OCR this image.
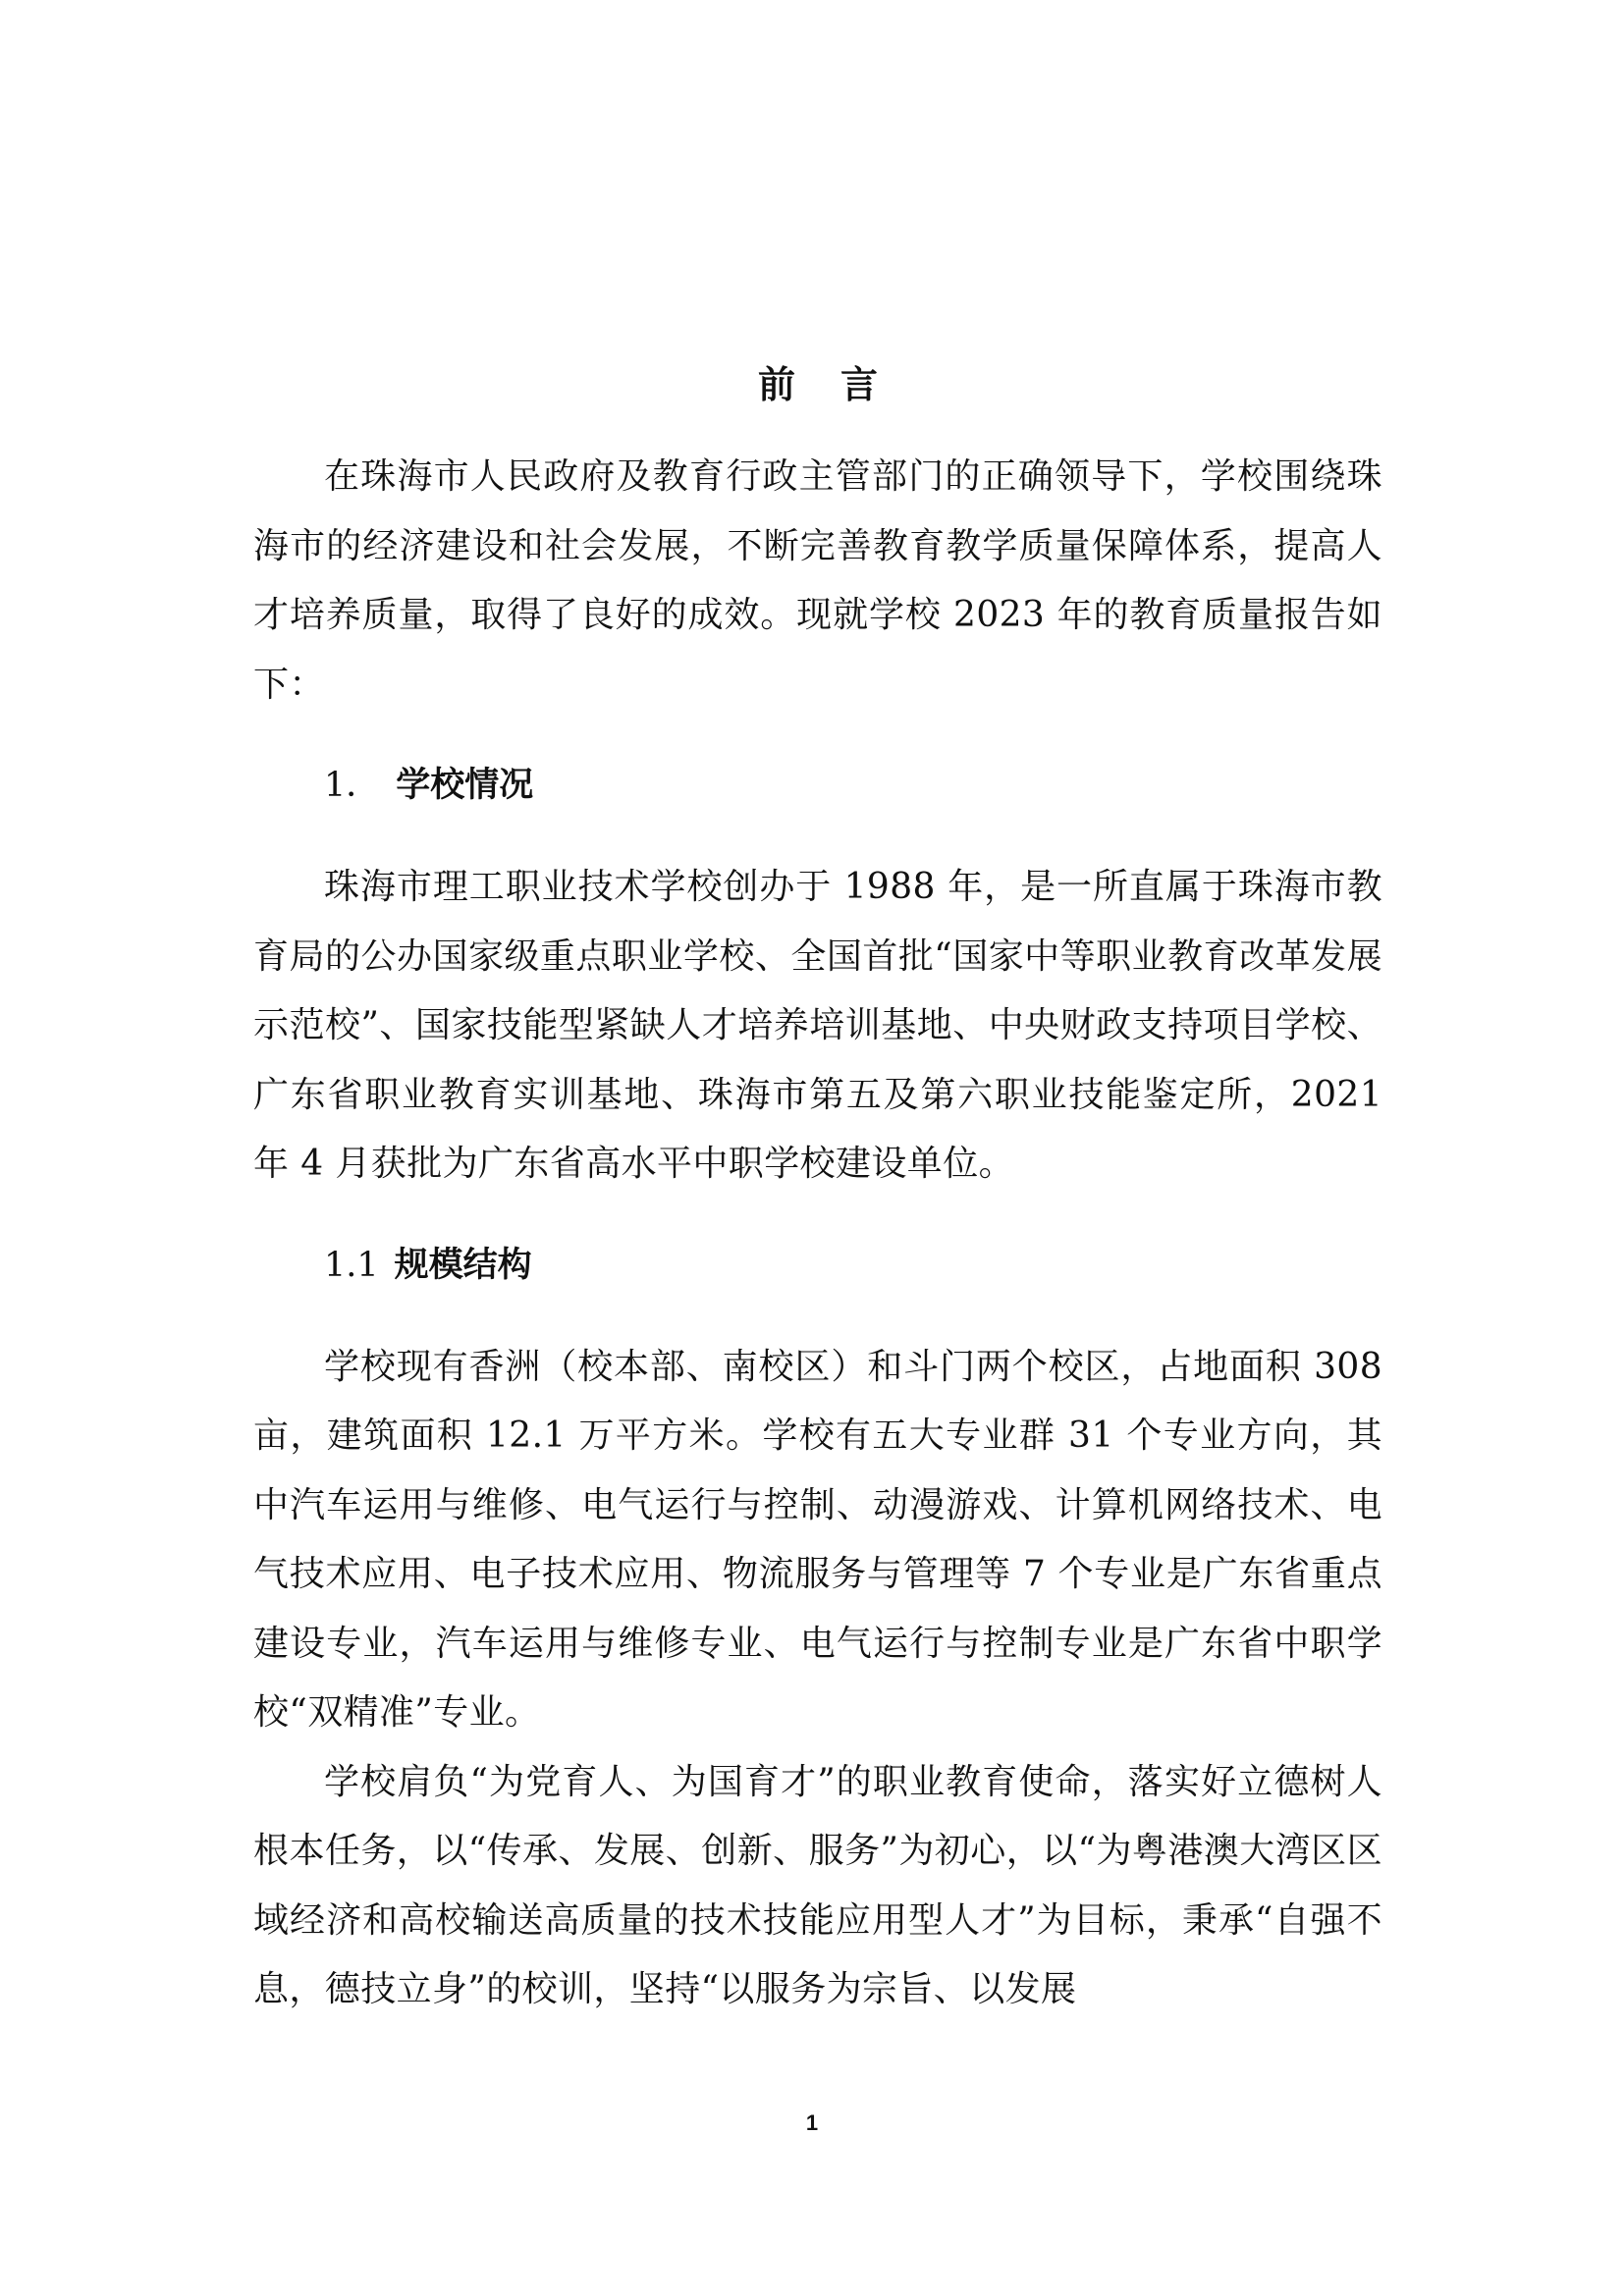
前言

在珠海市人民政府及教育行政主管部门的正确领导下，学校围绕珠海市的经济建设和社会发展，不断完善教育教学质量保障体系，提高人才培养质量，取得了良好的成效。现就学校 2023 年的教育质量报告如下：

1． 学校情况

珠海市理工职业技术学校创办于 1988 年，是一所直属于珠海市教育局的公办国家级重点职业学校、全国首批“国家中等职业教育改革发展示范校”、国家技能型紧缺人才培养培训基地、中央财政支持项目学校、广东省职业教育实训基地、珠海市第五及第六职业技能鉴定所，2021 年 4 月获批为广东省高水平中职学校建设单位。

1.1 规模结构

学校现有香洲（校本部、南校区）和斗门两个校区，占地面积 308 亩，建筑面积 12.1 万平方米。学校有五大专业群 31 个专业方向，其中汽车运用与维修、电气运行与控制、动漫游戏、计算机网络技术、电气技术应用、电子技术应用、物流服务与管理等 7 个专业是广东省重点建设专业，汽车运用与维修专业、电气运行与控制专业是广东省中职学校“双精准”专业。

学校肩负“为党育人、为国育才”的职业教育使命，落实好立德树人根本任务，以“传承、发展、创新、服务”为初心，以“为粤港澳大湾区区域经济和高校输送高质量的技术技能应用型人才”为目标，秉承“自强不息，德技立身”的校训，坚持“以服务为宗旨、以发展

1
